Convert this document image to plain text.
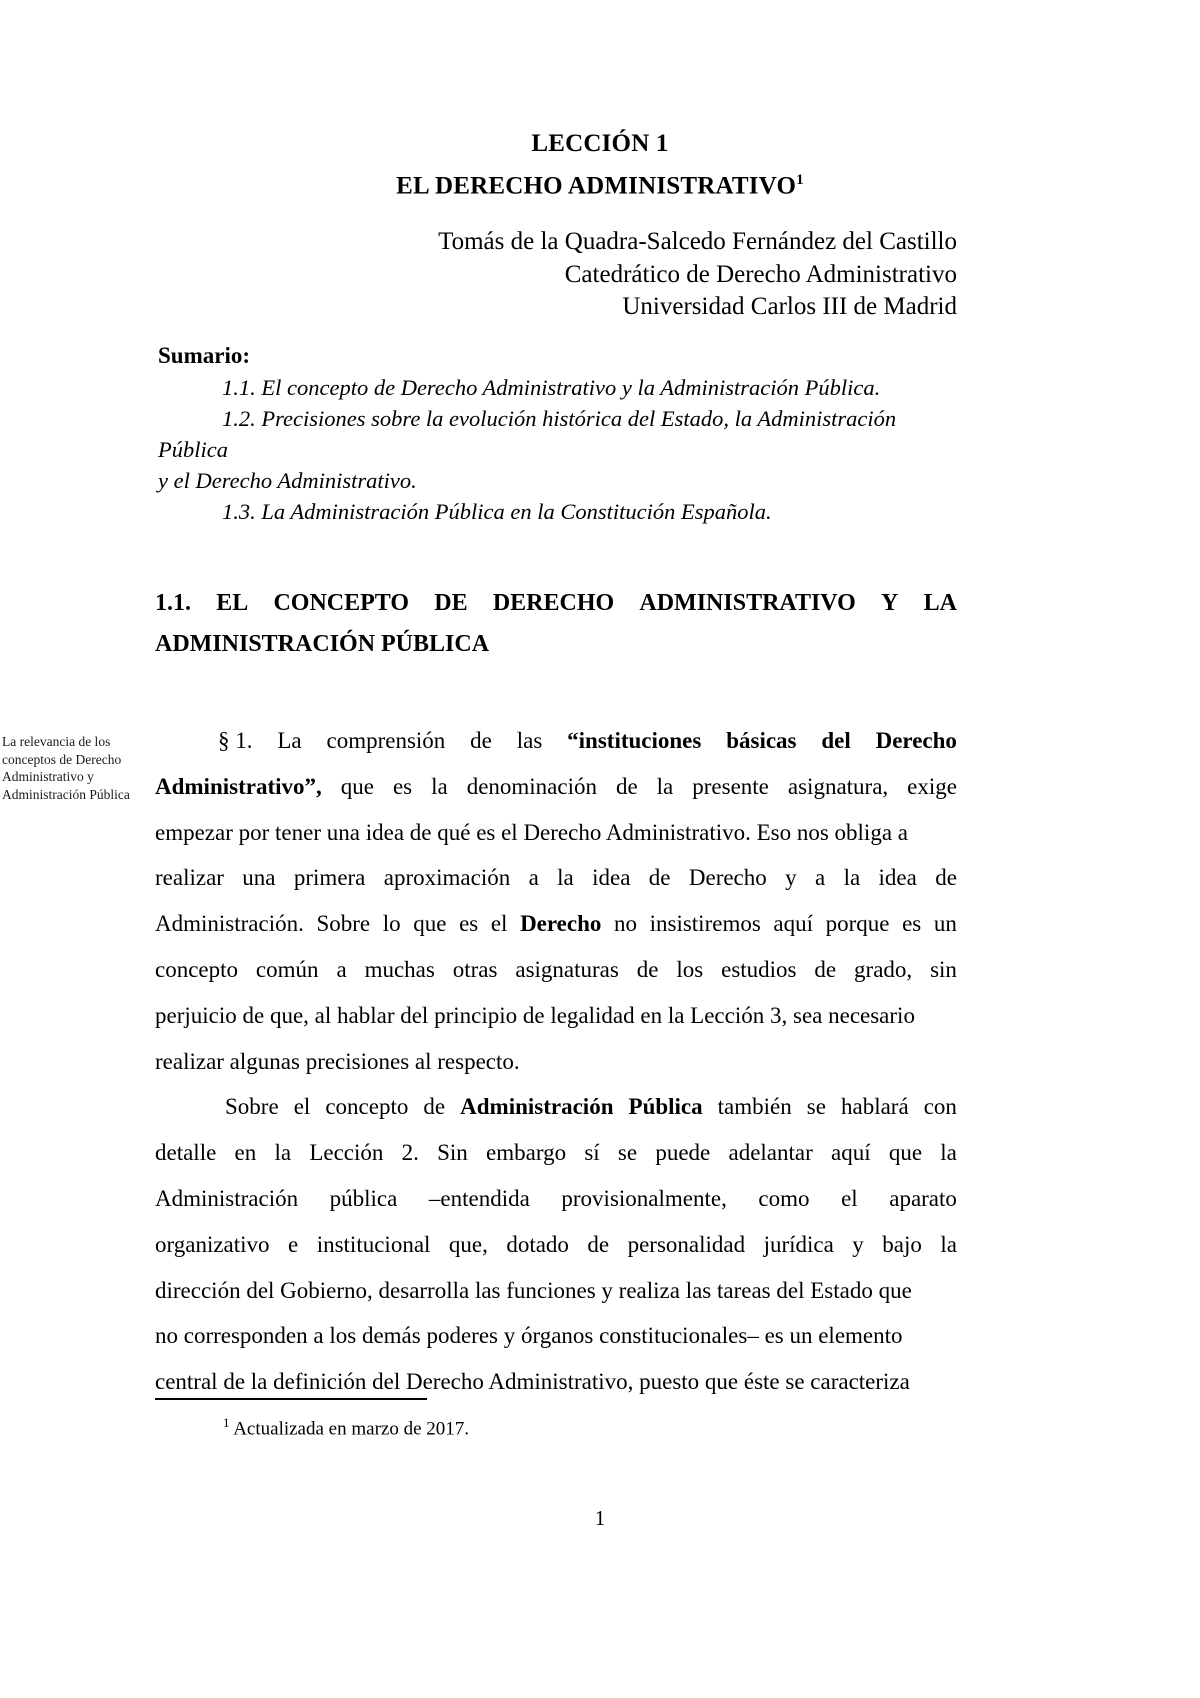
LECCIÓN 1
EL DERECHO ADMINISTRATIVO$^1$
Tomás de la Quadra-Salcedo Fernández del Castillo
Catedrático de Derecho Administrativo
Universidad Carlos III de Madrid
Sumario:
1.1. El concepto de Derecho Administrativo y la Administración Pública.
1.2. Precisiones sobre la evolución histórica del Estado, la Administración Pública
y el Derecho Administrativo.
1.3. La Administración Pública en la Constitución Española.
1.1. EL CONCEPTO DE DERECHO ADMINISTRATIVO Y LA
ADMINISTRACIÓN PÚBLICA
La relevancia de los conceptos de Derecho Administrativo y Administración Pública

§ 1. La comprensión de las “instituciones básicas del Derecho
Administrativo”, que es la denominación de la presente asignatura, exige
empezar por tener una idea de qué es el Derecho Administrativo. Eso nos obliga a
realizar una primera aproximación a la idea de Derecho y a la idea de
Administración. Sobre lo que es el Derecho no insistiremos aquí porque es un
concepto común a muchas otras asignaturas de los estudios de grado, sin
perjuicio de que, al hablar del principio de legalidad en la Lección 3, sea necesario
realizar algunas precisiones al respecto.

Sobre el concepto de Administración Pública también se hablará con
detalle en la Lección 2. Sin embargo sí se puede adelantar aquí que la
Administración pública –entendida provisionalmente, como el aparato
organizativo e institucional que, dotado de personalidad jurídica y bajo la
dirección del Gobierno, desarrolla las funciones y realiza las tareas del Estado que
no corresponden a los demás poderes y órganos constitucionales– es un elemento
central de la definición del Derecho Administrativo, puesto que éste se caracteriza

$^1$ Actualizada en marzo de 2017.
1
